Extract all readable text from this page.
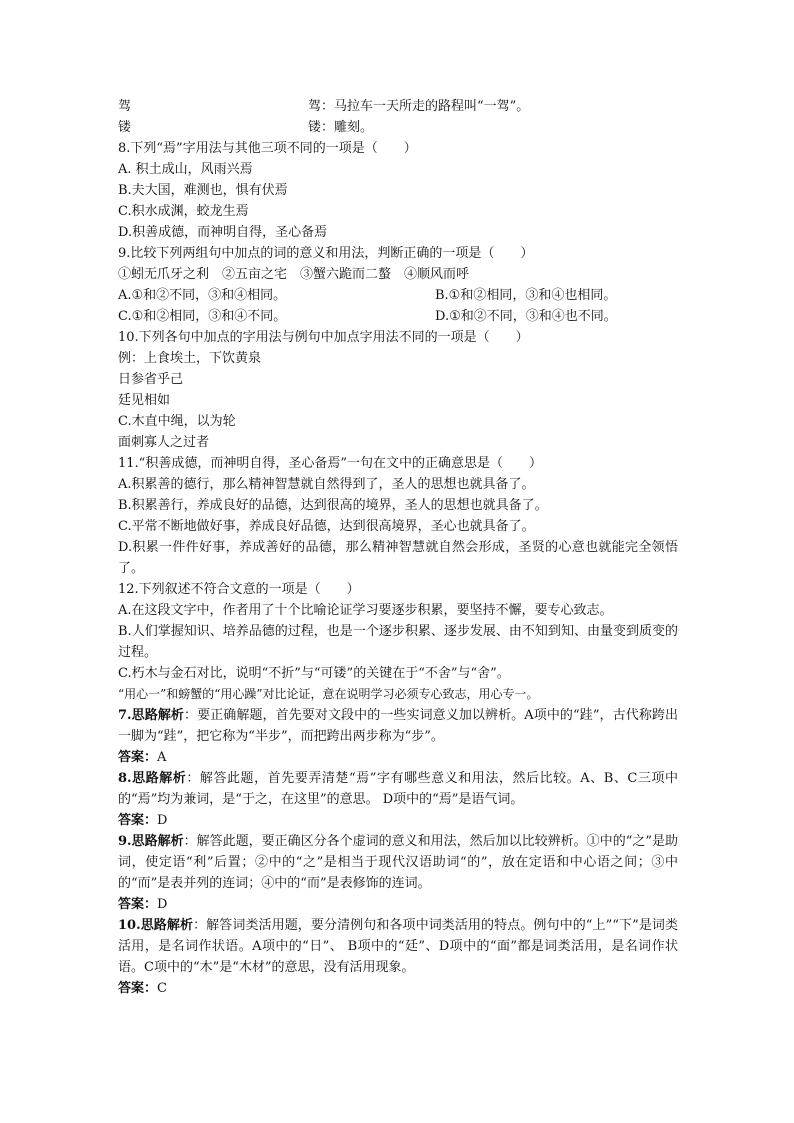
驾	驾：马拉车一天所走的路程叫“一驾”。
镂	镂：雕刻。
8.下列“焉”字用法与其他三项不同的一项是（　　）
A. 积土成山，风雨兴焉
B.夫大国，难测也，惧有伏焉
C.积水成渊，蛟龙生焉
D.积善成德，而神明自得，圣心备焉
9.比较下列两组句中加点的词的意义和用法，判断正确的一项是（　　）
①蚓无爪牙之利　②五亩之宅　③蟹六跪而二螯　④顺风而呼
A.①和②不同，③和④相同。	B.①和②相同，③和④也相同。
C.①和②相同，③和④不同。	D.①和②不同，③和④也不同。
10.下列各句中加点的字用法与例句中加点字用法不同的一项是（　　）
例：上食埃土，下饮黄泉
日参省乎己
廷见相如
C.木直中绳，以为轮
面刺寡人之过者
11.“积善成德，而神明自得，圣心备焉”一句在文中的正确意思是（　　）
A.积累善的德行，那么精神智慧就自然得到了，圣人的思想也就具备了。
B.积累善行，养成良好的品德，达到很高的境界，圣人的思想也就具备了。
C.平常不断地做好事，养成良好品德，达到很高境界，圣心也就具备了。
D.积累一件件好事，养成善好的品德，那么精神智慧就自然会形成，圣贤的心意也就能完全领悟了。
12.下列叙述不符合文意的一项是（　　）
A.在这段文字中，作者用了十个比喻论证学习要逐步积累，要坚持不懈，要专心致志。
B.人们掌握知识、培养品德的过程，也是一个逐步积累、逐步发展、由不知到知、由量变到质变的过程。
C.朽木与金石对比，说明“不折”与“可镂”的关键在于“不舍”与“舍”。
“用心一”和螃蟹的“用心躁”对比论证，意在说明学习必须专心致志，用心专一。
7.思路解析：要正确解题，首先要对文段中的一些实词意义加以辨析。A项中的“跬”，古代称跨出一脚为“跬”，把它称为“半步”，而把跨出两步称为“步”。
答案：A
8.思路解析：解答此题，首先要弄清楚“焉”字有哪些意义和用法，然后比较。A、B、C三项中的“焉”均为兼词，是“于之，在这里”的意思。 D项中的“焉”是语气词。
答案：D
9.思路解析：解答此题，要正确区分各个虚词的意义和用法，然后加以比较辨析。①中的“之”是助词，使定语“利”后置；②中的“之”是相当于现代汉语助词“的”，放在定语和中心语之间；③中的“而”是表并列的连词；④中的“而”是表修饰的连词。
答案：D
10.思路解析：解答词类活用题，要分清例句和各项中词类活用的特点。例句中的“上”“下”是词类活用，是名词作状语。A项中的“日”、 B项中的“廷”、D项中的“面”都是词类活用，是名词作状语。C项中的“木”是“木材”的意思，没有活用现象。
答案：C
